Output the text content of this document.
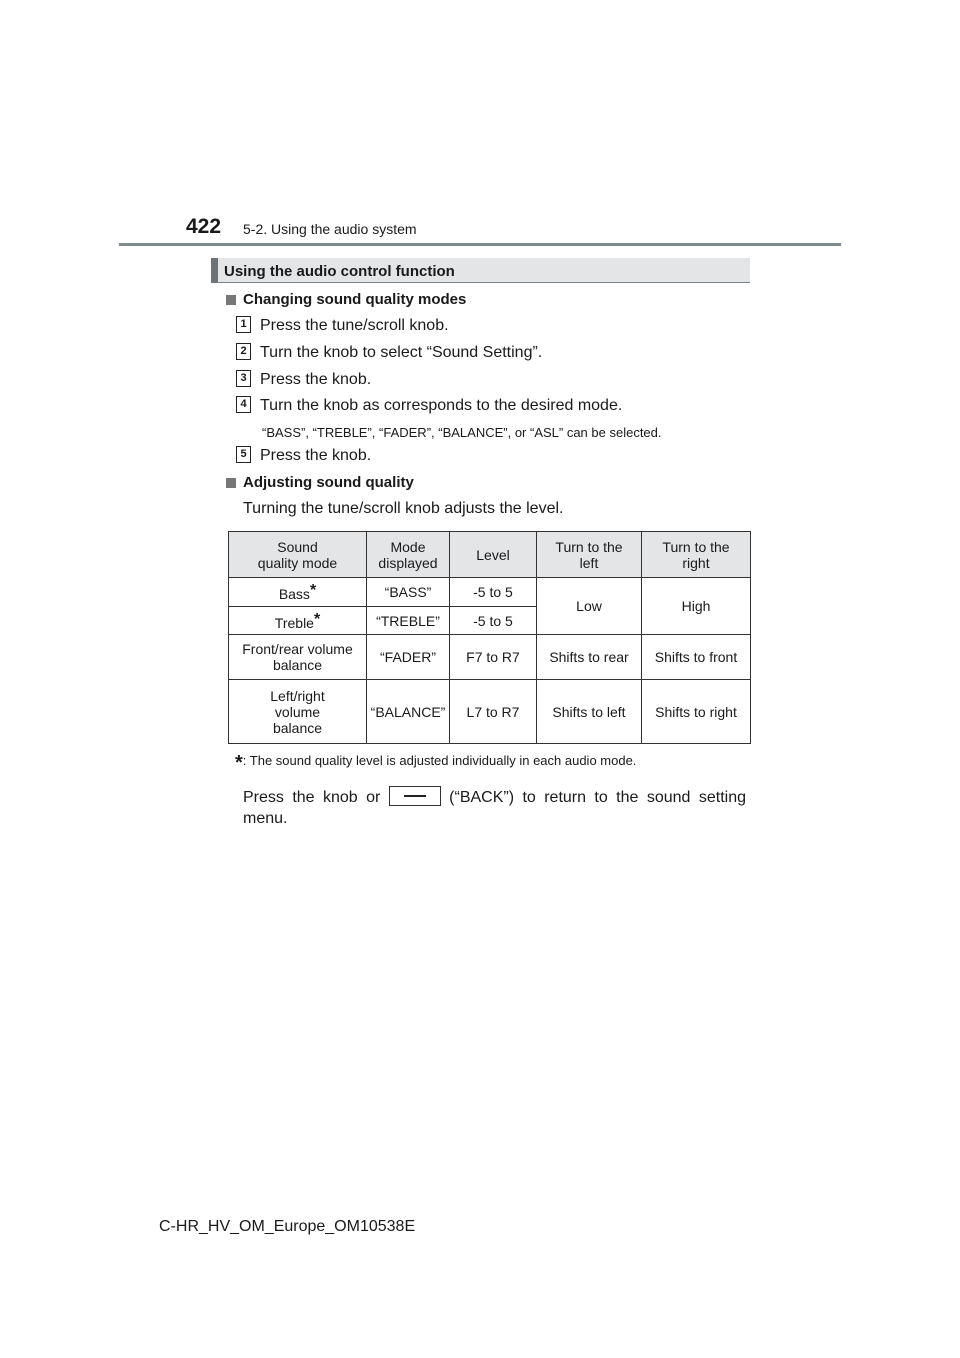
422 5-2. Using the audio system
Using the audio control function
Changing sound quality modes
1 Press the tune/scroll knob.
2 Turn the knob to select “Sound Setting”.
3 Press the knob.
4 Turn the knob as corresponds to the desired mode.
“BASS”, “TREBLE”, “FADER”, “BALANCE”, or “ASL” can be selected.
5 Press the knob.
Adjusting sound quality
Turning the tune/scroll knob adjusts the level.
Sound
quality mode	Mode
displayed	Level	Turn to the
left	Turn to the
right
Bass*	“BASS”	-5 to 5	Low	High
Treble*	“TREBLE”	-5 to 5		
Front/rear volume
balance	“FADER”	F7 to R7	Shifts to rear	Shifts to front
Left/right
volume
balance	“BALANCE”	L7 to R7	Shifts to left	Shifts to right
*: The sound quality level is adjusted individually in each audio mode.
Press the knob or	(“BACK”) to return to the sound setting
menu.
C-HR_HV_OM_Europe_OM10538E
